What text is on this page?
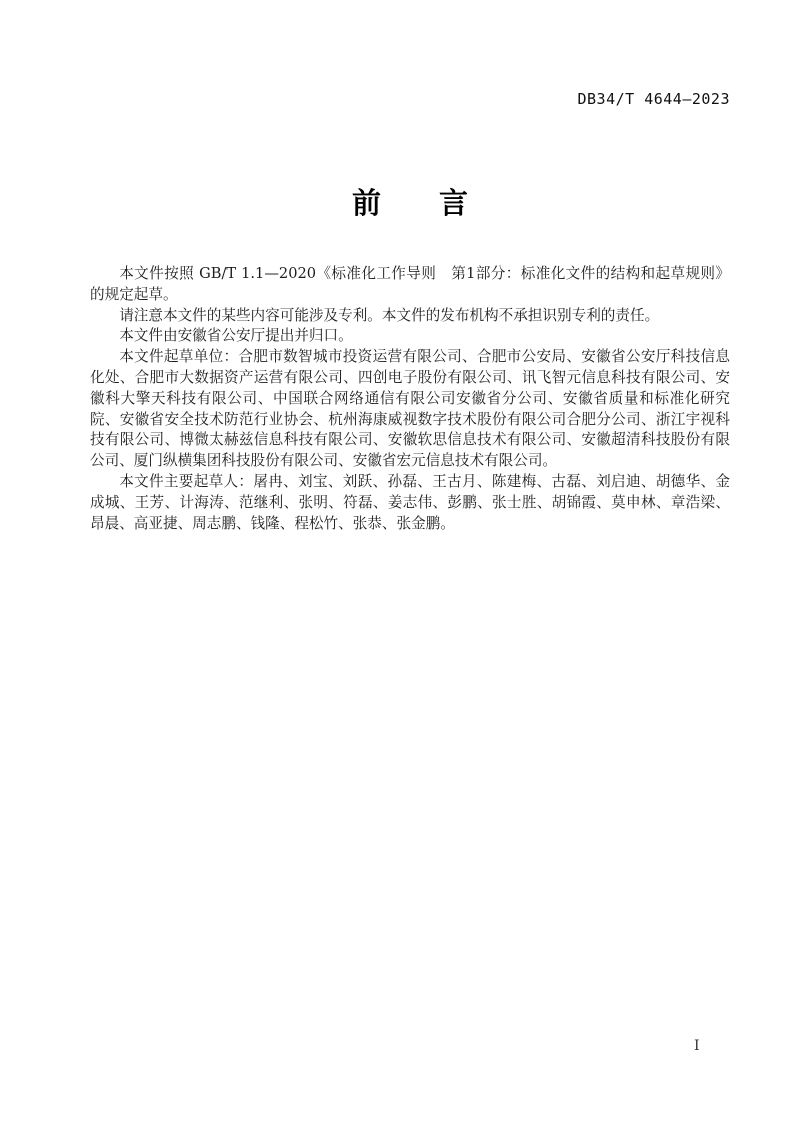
DB34/T 4644—2023
前　　言

本文件按照 GB/T 1.1—2020《标准化工作导则　第1部分：标准化文件的结构和起草规则》的规定起草。

请注意本文件的某些内容可能涉及专利。本文件的发布机构不承担识别专利的责任。

本文件由安徽省公安厅提出并归口。

本文件起草单位：合肥市数智城市投资运营有限公司、合肥市公安局、安徽省公安厅科技信息化处、合肥市大数据资产运营有限公司、四创电子股份有限公司、讯飞智元信息科技有限公司、安徽科大擎天科技有限公司、中国联合网络通信有限公司安徽省分公司、安徽省质量和标准化研究院、安徽省安全技术防范行业协会、杭州海康威视数字技术股份有限公司合肥分公司、浙江宇视科技有限公司、博微太赫兹信息科技有限公司、安徽软思信息技术有限公司、安徽超清科技股份有限公司、厦门纵横集团科技股份有限公司、安徽省宏元信息技术有限公司。

本文件主要起草人：屠冉、刘宝、刘跃、孙磊、王古月、陈建梅、古磊、刘启迪、胡德华、金成城、王芳、计海涛、范继利、张明、符磊、姜志伟、彭鹏、张士胜、胡锦霞、莫申林、章浩梁、昂晨、高亚捷、周志鹏、钱隆、程松竹、张恭、张金鹏。

I
